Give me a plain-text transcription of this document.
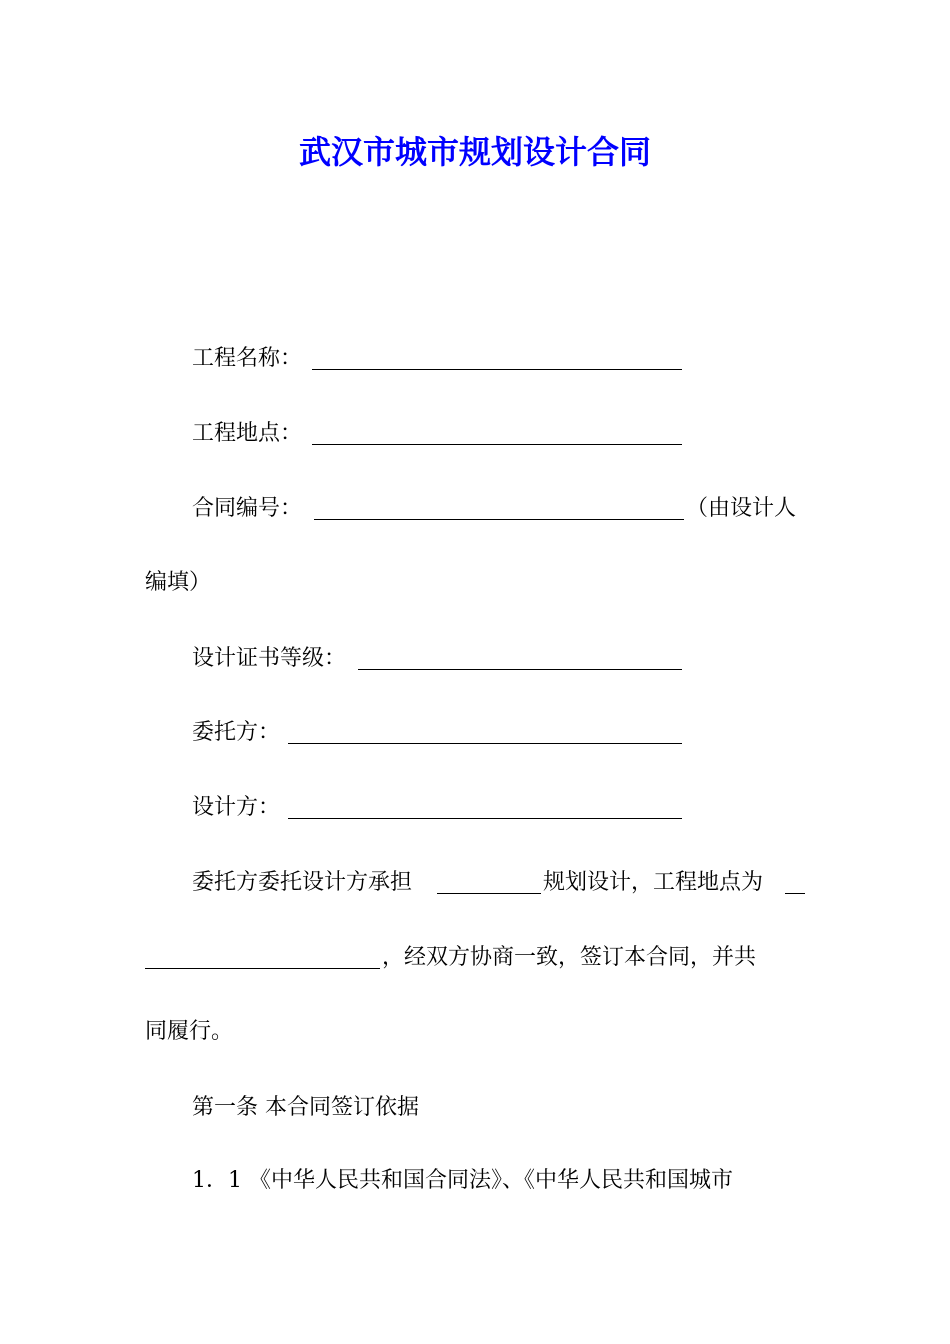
武汉市城市规划设计合同
工程名称：
工程地点：
合同编号：	（由设计人
编填）
设计证书等级：
委托方：
设计方：
委托方委托设计方承担	规划设计，工程地点为
，经双方协商一致，签订本合同，并共
同履行。
第一条 本合同签订依据
1．1 《中华人民共和国合同法》、《中华人民共和国城市
